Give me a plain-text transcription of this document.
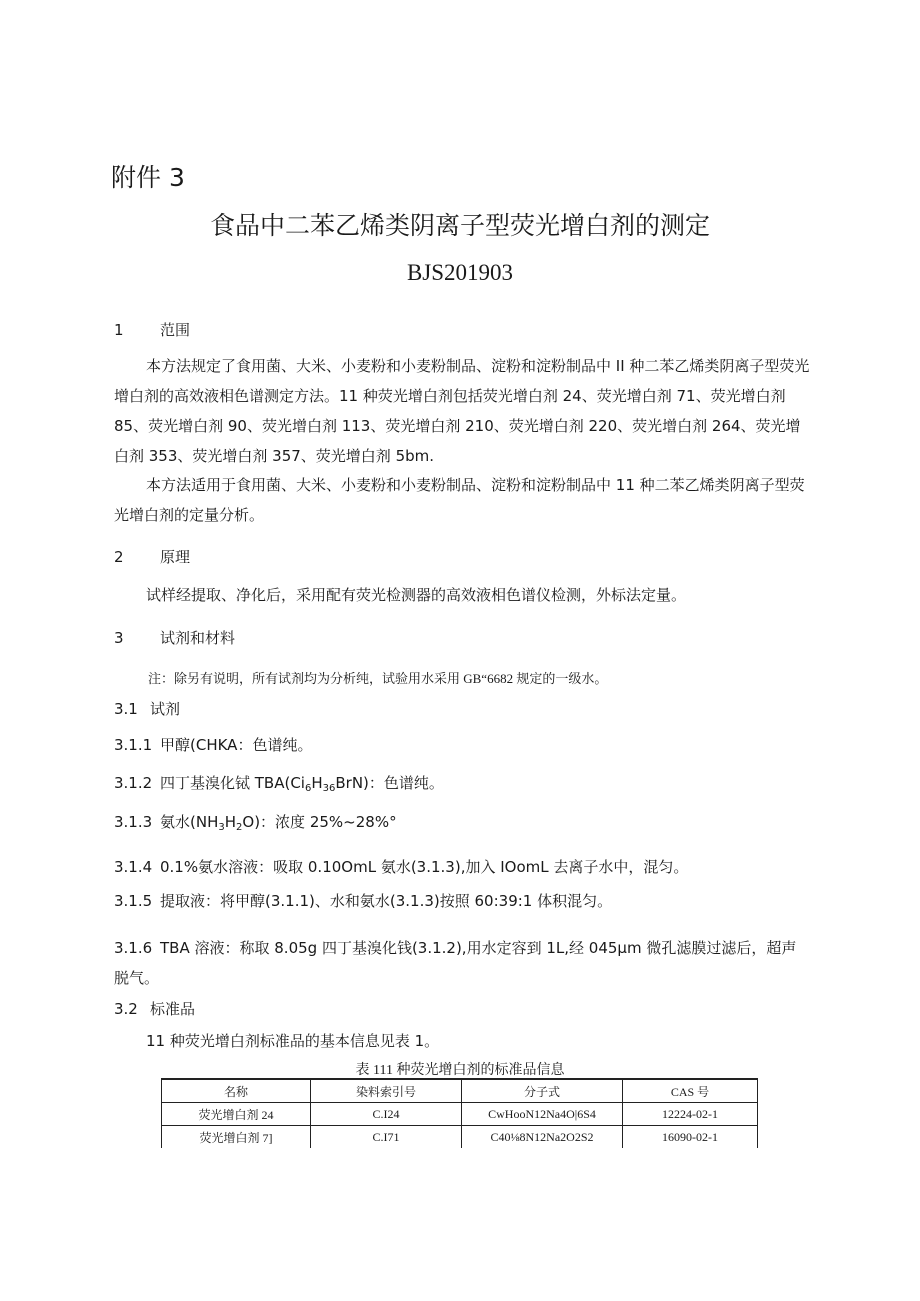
附件 3
食品中二苯乙烯类阴离子型荧光增白剂的测定
BJS201903
1 范围
本方法规定了食用菌、大米、小麦粉和小麦粉制品、淀粉和淀粉制品中 II 种二苯乙烯类阴离子型荧光增白剂的高效液相色谱测定方法。11 种荧光增白剂包括荧光增白剂 24、荧光增白剂 71、荧光增白剂 85、荧光增白剂 90、荧光增白剂 113、荧光增白剂 210、荧光增白剂 220、荧光增白剂 264、荧光增白剂 353、荧光增白剂 357、荧光增白剂 5bm.
本方法适用于食用菌、大米、小麦粉和小麦粉制品、淀粉和淀粉制品中 11 种二苯乙烯类阴离子型荧光增白剂的定量分析。
2 原理
试样经提取、净化后，采用配有荧光检测器的高效液相色谱仪检测，外标法定量。
3 试剂和材料
注：除另有说明，所有试剂均为分析纯，试验用水采用 GB“6682 规定的一级水。
3.1 试剂
3.1.1 甲醇(CHKA：色谱纯。
3.1.2 四丁基溴化铽 $TBA(Ci_6H_{36}BrN)$：色谱纯。
3.1.3 氨水$(NH_3H_2O)$：浓度 25%~28%°
3.1.4 0.1%氨水溶液：吸取 0.10OmL 氨水(3.1.3),加入 IOomL 去离子水中，混匀。
3.1.5 提取液：将甲醇(3.1.1)、水和氨水(3.1.3)按照 60:39:1 体积混匀。
3.1.6 TBA 溶液：称取 8.05g 四丁基溴化钱(3.1.2),用水定容到 1L,经 045μm 微孔滤膜过滤后，超声脱气。
3.2 标准品
11 种荧光增白剂标准品的基本信息见表 1。
表 111 种荧光增白剂的标准品信息
名称	染料索引号	分子式	CAS 号
荧光增白剂 24	C.I24	CwHooN12Na4O|6S4	12224-02-1
荧光增白剂 7]	C.I71	C40⅛8N12Na2O2S2	16090-02-1
